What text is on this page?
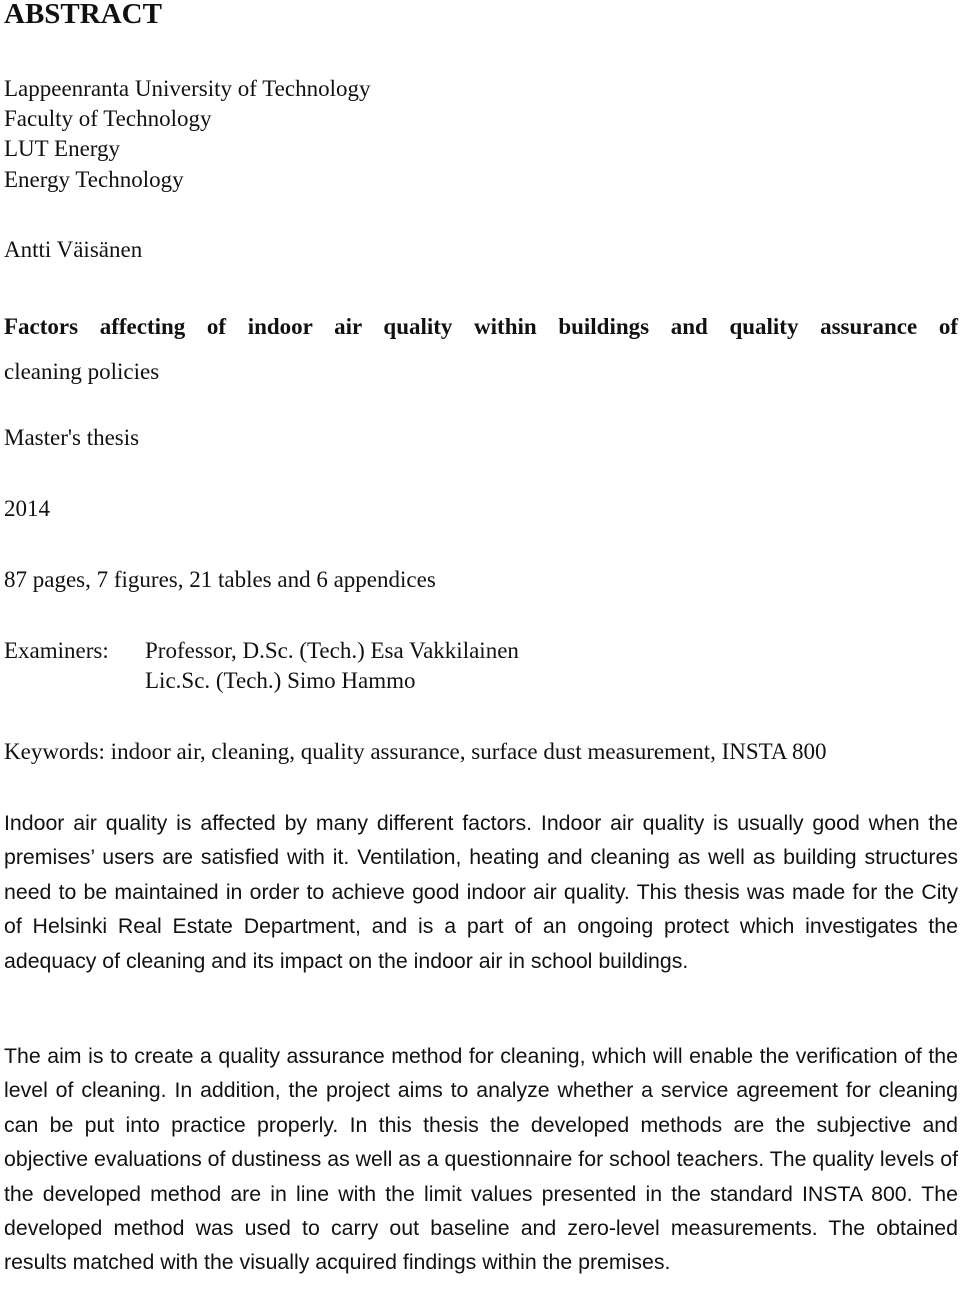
ABSTRACT
Lappeenranta University of Technology
Faculty of Technology
LUT Energy
Energy Technology
Antti Väisänen
Factors affecting of indoor air quality within buildings and quality assurance of
cleaning policies
Master's thesis
2014
87 pages, 7 figures, 21 tables and 6 appendices
Examiners: Professor, D.Sc. (Tech.) Esa Vakkilainen
Lic.Sc. (Tech.) Simo Hammo
Keywords: indoor air, cleaning, quality assurance, surface dust measurement, INSTA 800

Indoor air quality is affected by many different factors. Indoor air quality is usually good when the premises’ users are satisfied with it. Ventilation, heating and cleaning as well as building structures need to be maintained in order to achieve good indoor air quality. This thesis was made for the City of Helsinki Real Estate Department, and is a part of an ongoing protect which investigates the adequacy of cleaning and its impact on the indoor air in school buildings.

The aim is to create a quality assurance method for cleaning, which will enable the verification of the level of cleaning. In addition, the project aims to analyze whether a service agreement for cleaning can be put into practice properly. In this thesis the developed methods are the subjective and objective evaluations of dustiness as well as a questionnaire for school teachers. The quality levels of the developed method are in line with the limit values presented in the standard INSTA 800. The developed method was used to carry out baseline and zero-level measurements. The obtained results matched with the visually acquired findings within the premises.
